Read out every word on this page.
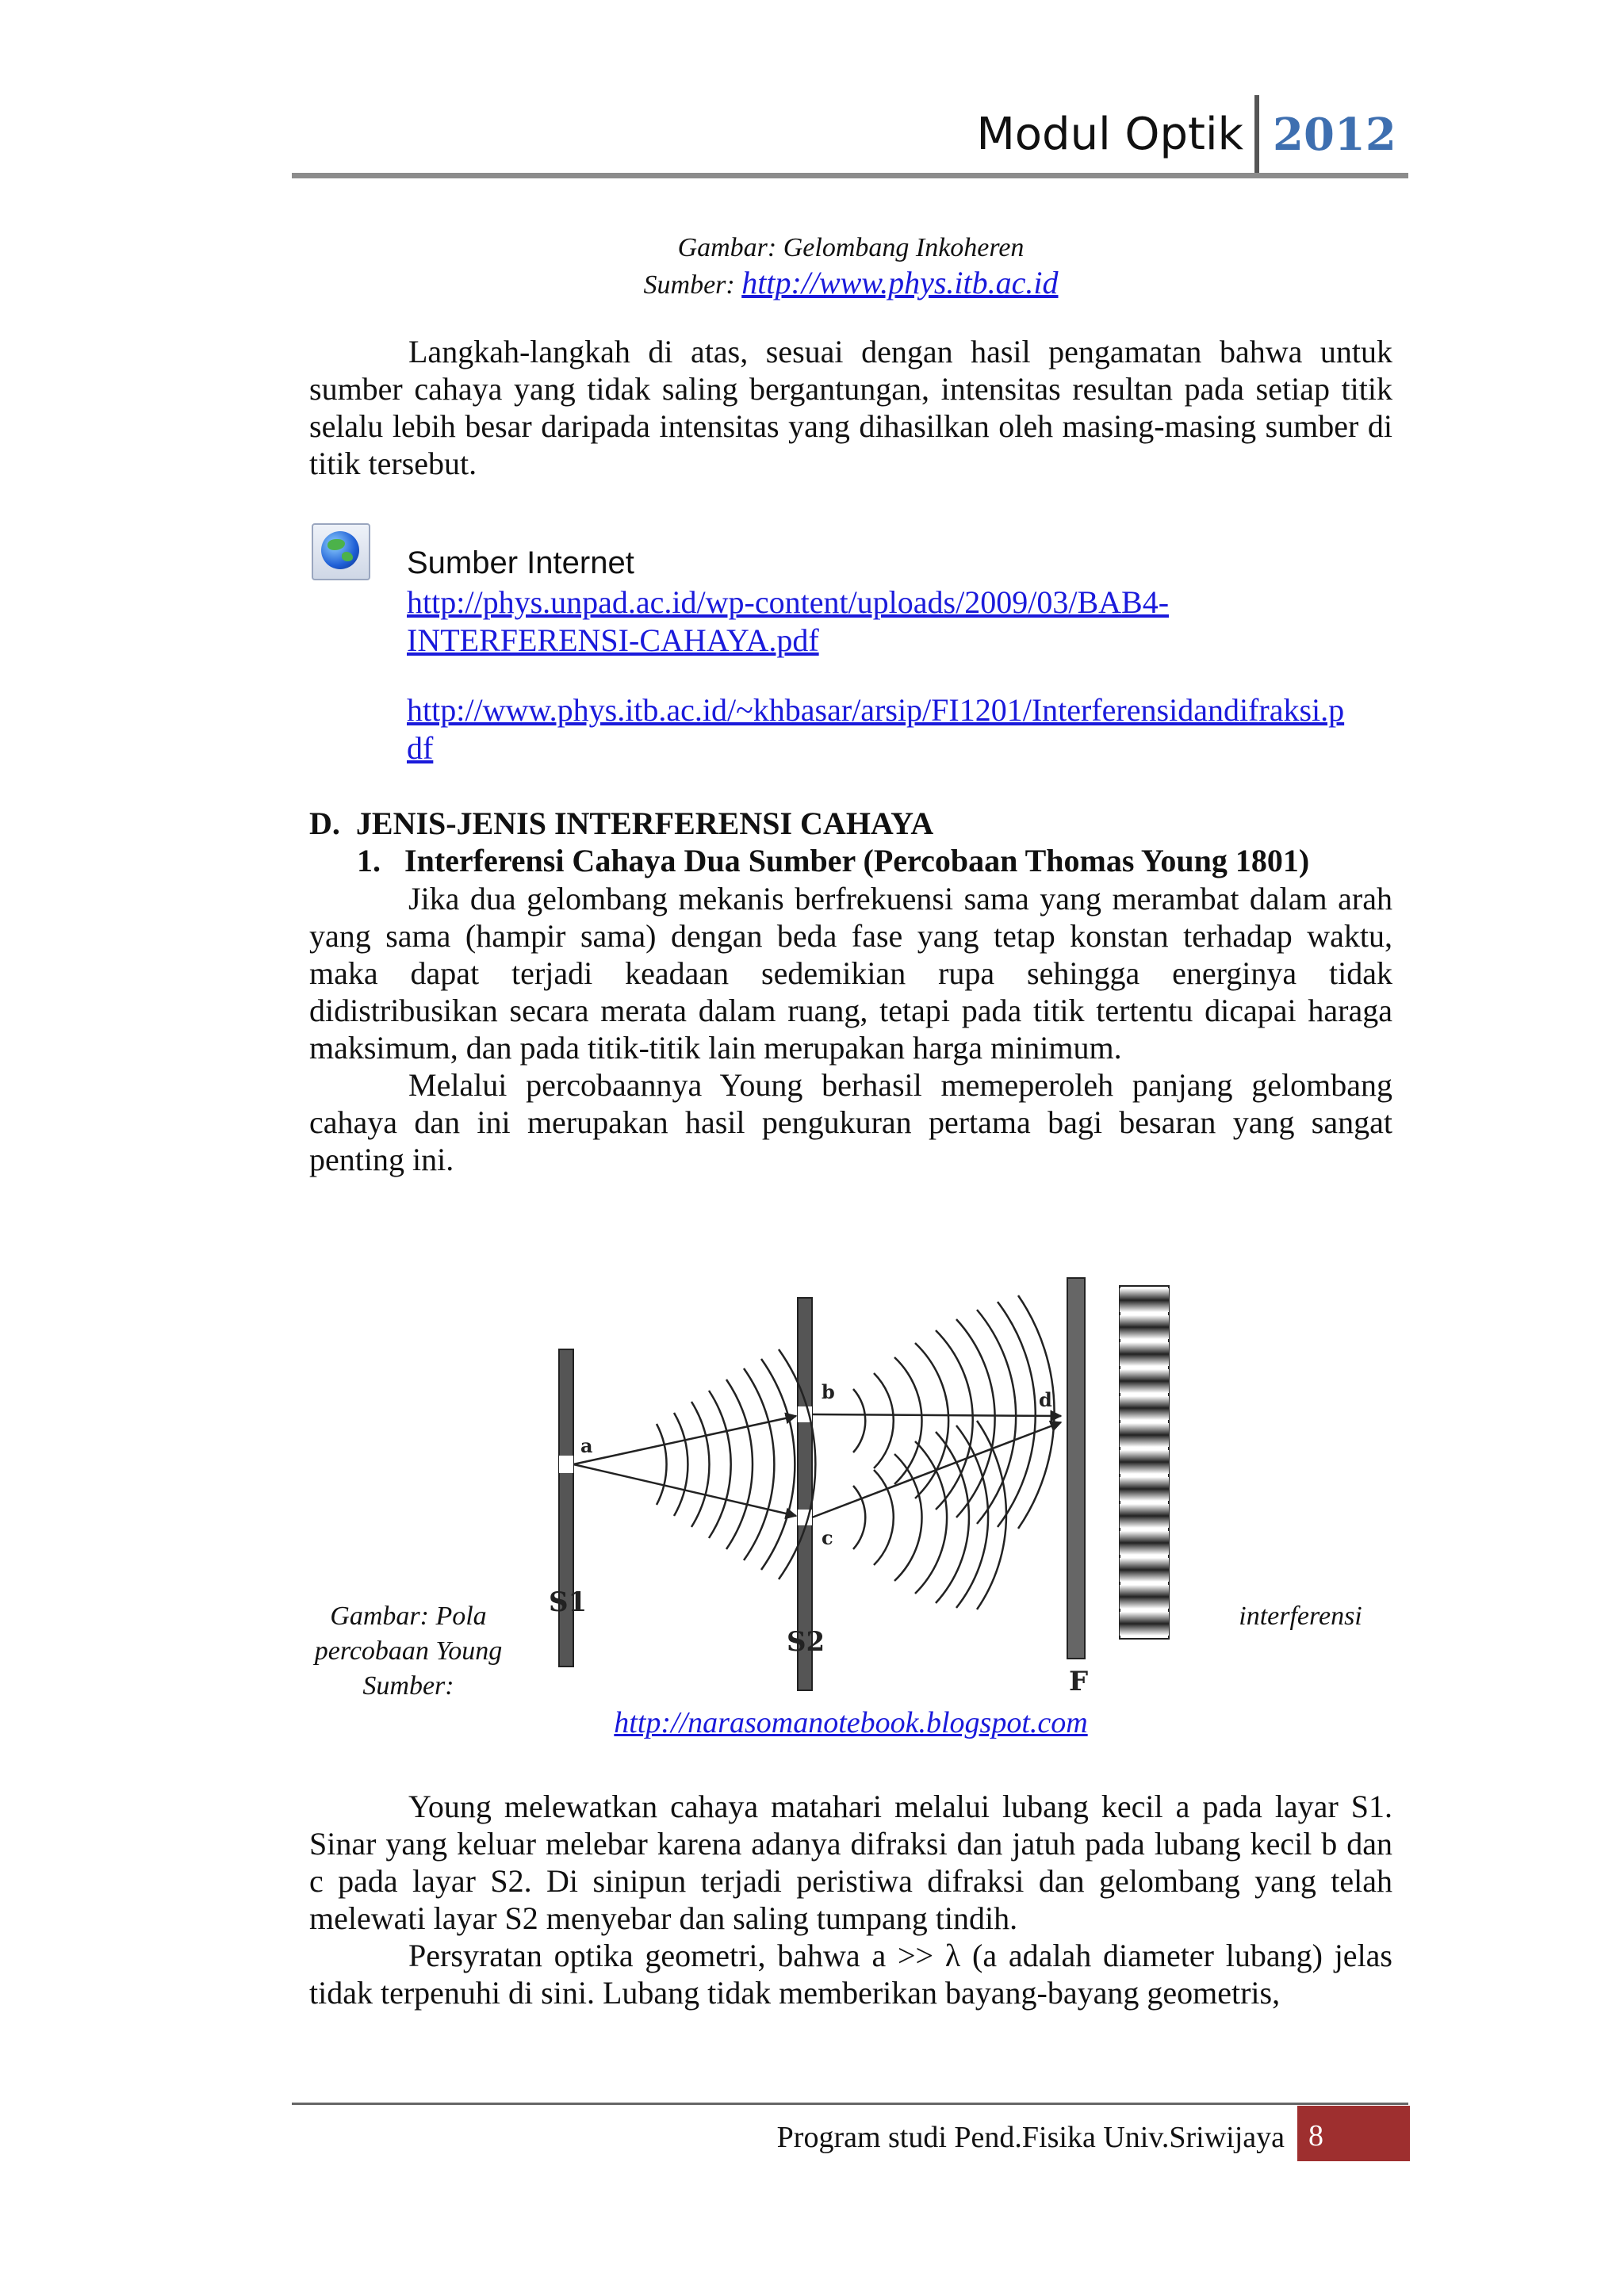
Modul Optik 2012
Gambar: Gelombang Inkoheren
Sumber: http://www.phys.itb.ac.id
Langkah-langkah di atas, sesuai dengan hasil pengamatan bahwa untuk sumber cahaya yang tidak saling bergantungan, intensitas resultan pada setiap titik selalu lebih besar daripada intensitas yang dihasilkan oleh masing-masing sumber di titik tersebut.
Sumber Internet
http://phys.unpad.ac.id/wp-content/uploads/2009/03/BAB4-
INTERFERENSI-CAHAYA.pdf
http://www.phys.itb.ac.id/~khbasar/arsip/FI1201/Interferensidandifraksi.p
df
D.  JENIS-JENIS INTERFERENSI CAHAYA
1.   Interferensi Cahaya Dua Sumber (Percobaan Thomas Young 1801)
Jika dua gelombang mekanis berfrekuensi sama yang merambat dalam arah yang sama (hampir sama) dengan beda fase yang tetap konstan terhadap waktu, maka dapat terjadi keadaan sedemikian rupa sehingga energinya tidak didistribusikan secara merata dalam ruang, tetapi pada titik tertentu dicapai haraga maksimum, dan pada titik-titik lain merupakan harga minimum.
Melalui percobaannya Young berhasil memeperoleh panjang gelombang cahaya dan ini merupakan hasil pengukuran pertama bagi besaran yang sangat penting ini.
a
b
c
d
S1
S2
F
Gambar: Pola
percobaan Young
Sumber:
interferensi
http://narasomanotebook.blogspot.com
Young melewatkan cahaya matahari melalui lubang kecil a pada layar S1. Sinar yang keluar melebar karena adanya difraksi dan jatuh pada lubang kecil b dan c pada layar S2. Di sinipun terjadi peristiwa difraksi dan gelombang yang telah melewati layar S2 menyebar dan saling tumpang tindih.
Persyratan optika geometri, bahwa a >> λ (a adalah diameter lubang) jelas tidak terpenuhi di sini. Lubang tidak memberikan bayang-bayang geometris,
Program studi Pend.Fisika Univ.Sriwijaya 8
